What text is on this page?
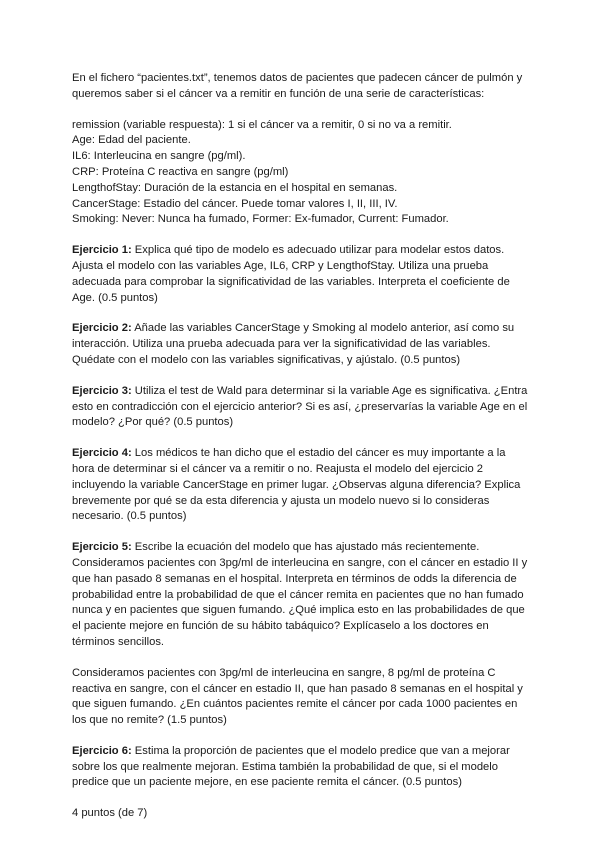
En el fichero “pacientes.txt”, tenemos datos de pacientes que padecen cáncer de pulmón y queremos saber si el cáncer va a remitir en función de una serie de características:

remission (variable respuesta): 1 si el cáncer va a remitir, 0 si no va a remitir.
Age: Edad del paciente.
IL6: Interleucina en sangre (pg/ml).
CRP: Proteína C reactiva en sangre (pg/ml)
LengthofStay: Duración de la estancia en el hospital en semanas.
CancerStage: Estadio del cáncer. Puede tomar valores I, II, III, IV.
Smoking: Never: Nunca ha fumado, Former: Ex-fumador, Current: Fumador.

Ejercicio 1: Explica qué tipo de modelo es adecuado utilizar para modelar estos datos. Ajusta el modelo con las variables Age, IL6, CRP y LengthofStay. Utiliza una prueba adecuada para comprobar la significatividad de las variables. Interpreta el coeficiente de Age. (0.5 puntos)

Ejercicio 2: Añade las variables CancerStage y Smoking al modelo anterior, así como su interacción. Utiliza una prueba adecuada para ver la significatividad de las variables. Quédate con el modelo con las variables significativas, y ajústalo. (0.5 puntos)

Ejercicio 3: Utiliza el test de Wald para determinar si la variable Age es significativa. ¿Entra esto en contradicción con el ejercicio anterior? Si es así, ¿preservarías la variable Age en el modelo? ¿Por qué? (0.5 puntos)

Ejercicio 4: Los médicos te han dicho que el estadio del cáncer es muy importante a la hora de determinar si el cáncer va a remitir o no. Reajusta el modelo del ejercicio 2 incluyendo la variable CancerStage en primer lugar. ¿Observas alguna diferencia? Explica brevemente por qué se da esta diferencia y ajusta un modelo nuevo si lo consideras necesario. (0.5 puntos)

Ejercicio 5: Escribe la ecuación del modelo que has ajustado más recientemente. Consideramos pacientes con 3pg/ml de interleucina en sangre, con el cáncer en estadio II y que han pasado 8 semanas en el hospital. Interpreta en términos de odds la diferencia de probabilidad entre la probabilidad de que el cáncer remita en pacientes que no han fumado nunca y en pacientes que siguen fumando. ¿Qué implica esto en las probabilidades de que el paciente mejore en función de su hábito tabáquico? Explícaselo a los doctores en términos sencillos.

Consideramos pacientes con 3pg/ml de interleucina en sangre, 8 pg/ml de proteína C reactiva en sangre, con el cáncer en estadio II, que han pasado 8 semanas en el hospital y que siguen fumando. ¿En cuántos pacientes remite el cáncer por cada 1000 pacientes en los que no remite? (1.5 puntos)

Ejercicio 6: Estima la proporción de pacientes que el modelo predice que van a mejorar sobre los que realmente mejoran. Estima también la probabilidad de que, si el modelo predice que un paciente mejore, en ese paciente remita el cáncer. (0.5 puntos)

4 puntos (de 7)
